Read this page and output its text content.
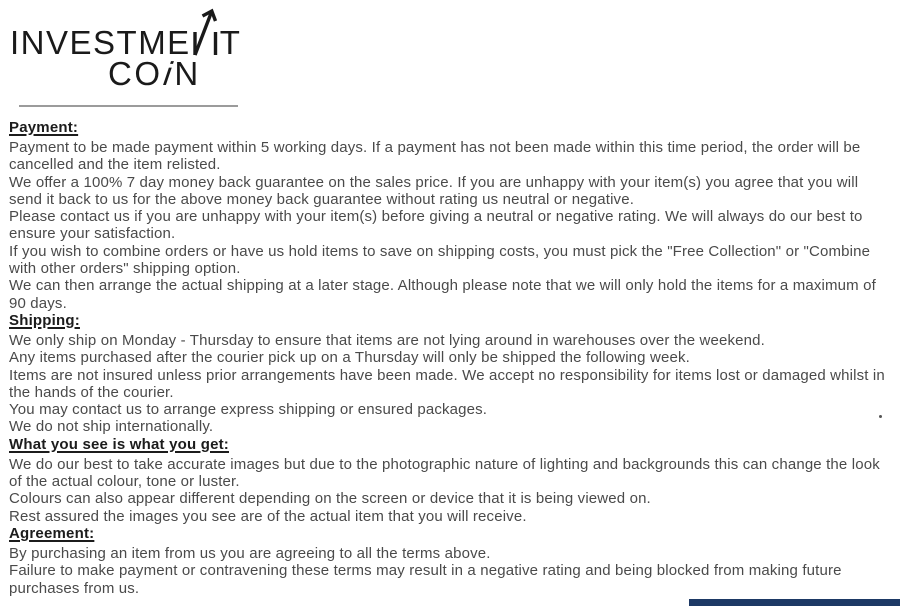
INVESTME T
COiN
Payment:

Payment to be made payment within 5 working days. If a payment has not been made within this time period, the order will be cancelled and the item relisted.

We offer a 100% 7 day money back guarantee on the sales price. If you are unhappy with your item(s) you agree that you will send it back to us for the above money back guarantee without rating us neutral or negative.

Please contact us if you are unhappy with your item(s) before giving a neutral or negative rating. We will always do our best to ensure your satisfaction.

If you wish to combine orders or have us hold items to save on shipping costs, you must pick the "Free Collection" or "Combine with other orders" shipping option.

We can then arrange the actual shipping at a later stage. Although please note that we will only hold the items for a maximum of 90 days.

Shipping:

We only ship on Monday - Thursday to ensure that items are not lying around in warehouses over the weekend.

Any items purchased after the courier pick up on a Thursday will only be shipped the following week.

Items are not insured unless prior arrangements have been made. We accept no responsibility for items lost or damaged whilst in the hands of the courier.

You may contact us to arrange express shipping or ensured packages.

We do not ship internationally.

What you see is what you get:

We do our best to take accurate images but due to the photographic nature of lighting and backgrounds this can change the look of the actual colour, tone or luster.

Colours can also appear different depending on the screen or device that it is being viewed on.

Rest assured the images you see are of the actual item that you will receive.

Agreement:

By purchasing an item from us you are agreeing to all the terms above.

Failure to make payment or contravening these terms may result in a negative rating and being blocked from making future purchases from us.
